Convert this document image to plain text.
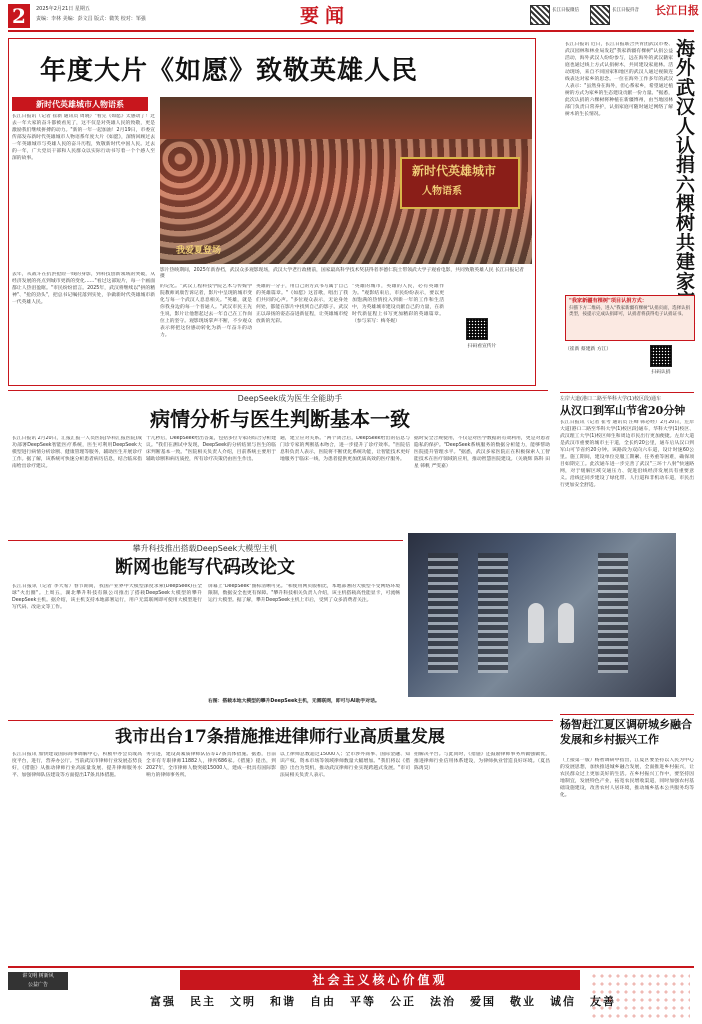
2	2025年2月21日 星期五
责编：李林 美编：彭文昌 版式：微笑 校对：邹强	要闻	长江日报微信	长江日报抖音	长江日报
年度大片《如愿》致敬英雄人民
新时代英雄城市人物语系
新时代英雄城市
人物语系
我爱夏登场
影片热映期间，2025年新春档，武汉众多观影现场，武汉大学老行政楼前，国家最高科学技术奖获得者李德仁院士带领武大学子观看电影，共同致敬英雄人民 长江日报记者 摄
长江日报讯（记者 崔新 通讯员 周晓）"看完《如愿》太感动了！过去一年大家的奋斗都被看见了，这不仅是对英雄人民的致敬，更是激励我们继续拼搏的动力。"新的一年一起加油！2月19日，市委宣传部发布新时代英雄城市人物语系年度大片《如愿》，深情回顾过去一年英雄城市与英雄人民的奋斗历程，致敬新时代中国人民。过去的一年，广大党员干部和人民群众以实际行动书写着一个个感人至深的故事。
去年，从战斗在抗洪抢险一线的身影，到科技创新领域的突破，从经济发展的亮点到城市更新的变化……"看过这部短片，每一个画面都让人热泪盈眶。"市民纷纷留言。2025年，武汉将继续以"拼的精神"、"抢的劲头"，把总书记嘱托落到实处，争做新时代英雄城市新一代英雄人民。
的记忆。"武汉工程科技学院艺术与传媒学院教师刘康告诉记者，影片中呈现的城市变化与每一个武汉人息息相关。"英雄，就是你我身边的每一个普通人。"武汉市民王先生说，影片让他想起过去一年自己在工作岗位上的坚守。观影现场掌声不断，不少观众表示将把这份感动转化为新一年奋斗的动力。
英雄的一分子，用自己的方式书写属于自己的英雄篇章。"《如愿》这首歌，唱出了我们共同的心声。"多位观众表示，无论身处何处，都能在影片中找到自己的影子。武汉正以昂扬的姿态奋进新征程，让英雄城市绽放新的光彩。
"英雄的城市，英雄的人民，必有英雄作为。"观影结束后，市民纷纷表示，要以更加饱满的热情投入到新一年的工作和生活中，为英雄城市建设贡献自己的力量，在新时代新征程上书写更加精彩的英雄篇章。（参与采写：梅冬妮）
扫码看宣传片
海外武汉人认捐六棵树共建家
长江日报讯 近日，长江日报联合共青团武汉市委、武汉园林和林业局发起"我家新疆有棵树"认捐公益活动，海外武汉人纷纷参与，远在海外的武汉籍家庭也通过线上方式认捐树木，共同建设家庭林。活动现场，来自不同国家和地区的武汉人通过视频连线表达对家乡的思念。一位在海外工作多年的武汉人表示："虽然身在海外，但心系家乡，希望通过植树的方式为家乡的生态建设贡献一份力量。"据悉，此次认捐的六棵树将种植在新疆博州，由当地园林部门负责日常养护，认捐家庭可随时通过网络了解树木的生长情况。
"我家新疆有棵树"项目认捐方式：
扫描下方二维码，进入"我家新疆有棵树"认捐页面，选择认捐类型，按提示完成认捐即可，认捐者将获得电子认捐证书。
（崔新 蔡建新 方江）
扫码认捐
左岸大道(港口二路至华科大学(1)校区段)通车
从汉口到军山节省20分钟
长江日报讯（记者 崔考 通讯员 汪峰 韩必经）2月20日，左岸大道(港口二路至华科大学(1)校区段)通车，华科大学(1)校区、武汉理工大学(1)校区师生和周边市民出行更加便捷。左岸大道是武汉市重要的城市主干道，全长约20公里，通车后从汉口到军山可节省约20分钟。该路段为双向六车道，设计时速60公里。施工期间，建设单位克服工期紧、任务重等困难，确保项目如期完工。此次通车进一步完善了武汉"三环十八射"快速路网，对于缓解区域交通压力、促进沿线经济发展具有重要意义。沿线还同步建设了绿化带、人行道和非机动车道，市民出行更加安全舒适。
DeepSeek成为医生全能助手
病情分析与医生判断基本一致
长江日报讯 2月20日，汇报汇报一人员医院(华科汇报医院)成功部署DeepSeek智能医疗系统，医生可利用DeepSeek大模型进行病情分析诊断、健康管理等服务，辅助医生开展诊疗工作。据了解，该系统可快速分析患者病历信息，结合临床指南给出诊疗建议。
十几秒后，DeepSeek给出答案，包括多位专家的综合分析建议。"我们在测试中发现，DeepSeek的分析结果与医生的临床判断基本一致。"医院相关负责人介绍，目前系统主要用于辅助诊断和病历质控，所有诊疗决策仍由医生作出。
通，建立应对关系。"两个闭合后，DeepSeek给出的信息与门诊专家的判断基本吻合，进一步提升了诊疗效率。"医院信息科负责人表示，医院将不断优化系统功能，让智能技术更好地服务于临床一线，为患者提供更加优质高效的医疗服务。
据时安全合规使用，不仅是对医学数据的有效利用，更是对患者隐私的保护。"DeepSeek系统服务的数据分析能力，能够帮助医院提升管理水平。"据悉，武汉多家医院正在积极探索人工智能技术在医疗领域的应用，推动智慧医院建设。（关晓辉 陈科 田星 韩帆 严雯嘉）
攀升科技推出搭载DeepSeek大模型主机
断网也能写代码改论文
长江日报讯（记者 李大希）春节期间，我国产业界中大模型深度求索(DeepSeek)在全球"火出圈"。上周五，湖北攀升科技有限公司推出了搭载DeepSeek大模型的攀升DeepSeek主机。据介绍，该主机支持本地部署运行，用户无需联网即可使用大模型进行写代码、改论文等工作。
屏幕上"DeepSeek"图标清晰可见。"和使用网页版相比，本地部署的大模型不受网络环境限制，数据安全也更有保障。"攀升科技相关负责人介绍，该主机搭载高性能显卡，可流畅运行大模型。据了解，攀升DeepSeek主机上市后，受到了众多消费者关注。
右图：搭载本地大模型的攀升DeepSeek主机，无需联网，即可与AI助手对话。
我市出台17条措施推进律师行业高质量发展
长江日报讯 加快建设国际商事调解中心，积极申办会员或高度平台，进行，营养办公厅。当前武汉市律师行业发展态势良好，《措施》从推动律师行业高质量发展、提升律师服务水平、加强律师队伍建设等方面提出17条具体措施。
务引进，建设高素质律师队伍等17条具体措施。据悉，目前全市有专职律师11882人，律所686家。《措施》提出，到2027年，全市律师人数突破15000人，建成一批具有国际影响力的律师事务所。
以上律师总数超过15000人；全市涉外商事、国际金融、知识产权、资本市场等领域律师数量大幅增加。"我们将以《措施》出台为契机，推动武汉律师行业实现跨越式发展。"市司法局相关负责人表示。
拍解决平台。与此同时，《措施》还鼓励律师事务所做强做优，推进律师行业信用体系建设，为律师执业营造良好环境。（夏昌 陈禹昊）
杨智赶江夏区调研城乡融合发展和乡村振兴工作
（上接第一版）杨智调研中指出，江夏区要坚持以人民为中心的发展思想，加快推进城乡融合发展，全面推进乡村振兴，让农民群众过上更加美好的生活。在乡村振兴工作中，要坚持因地制宜，发展特色产业，拓宽农民增收渠道，同时加强农村基础设施建设，改善农村人居环境，推动城乡基本公共服务均等化。
讲文明 树新风
公益广告	社会主义核心价值观
富强 民主 文明 和谐 自由 平等 公正 法治 爱国 敬业 诚信 友善
